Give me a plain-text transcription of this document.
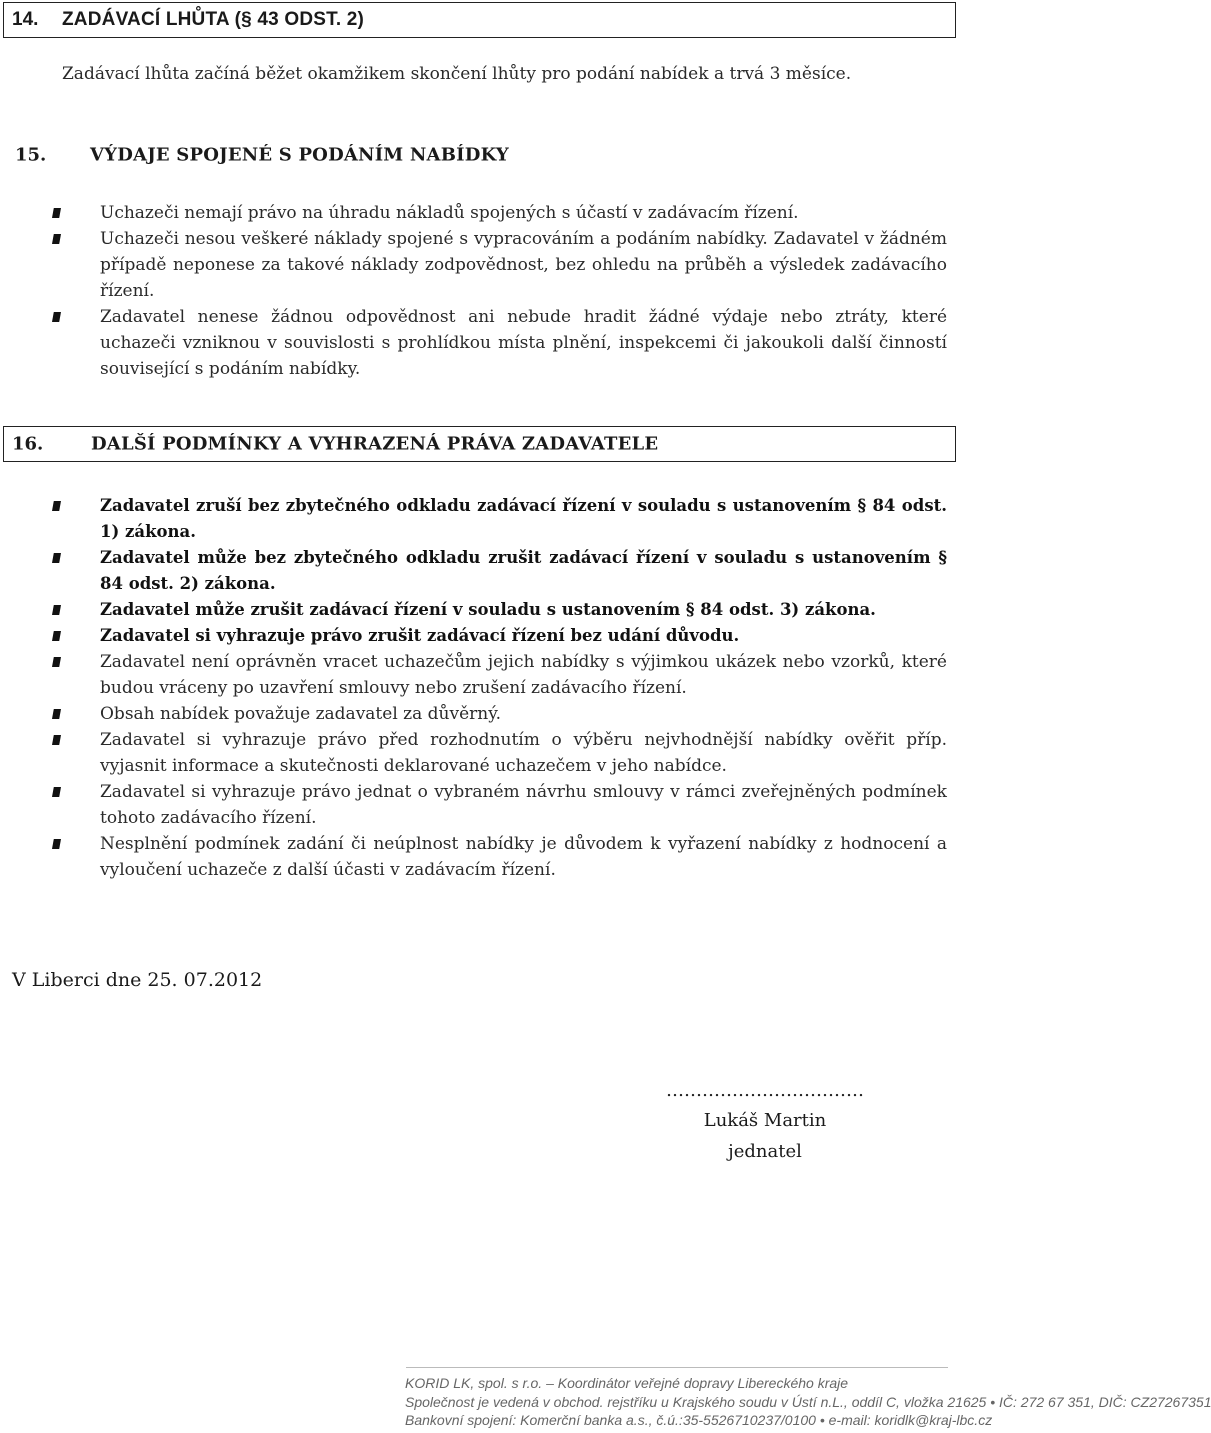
14. ZADÁVACÍ LHŮTA (§ 43 ODST. 2)
Zadávací lhůta začíná běžet okamžikem skončení lhůty pro podání nabídek a trvá 3 měsíce.
15. VÝDAJE SPOJENÉ S PODÁNÍM NABÍDKY
Uchazeči nemají právo na úhradu nákladů spojených s účastí v zadávacím řízení.
Uchazeči nesou veškeré náklady spojené s vypracováním a podáním nabídky. Zadavatel v žádném případě neponese za takové náklady zodpovědnost, bez ohledu na průběh a výsledek zadávacího řízení.
Zadavatel nenese žádnou odpovědnost ani nebude hradit žádné výdaje nebo ztráty, které uchazeči vzniknou v souvislosti s prohlídkou místa plnění, inspekcemi či jakoukoli další činností související s podáním nabídky.
16.	DALŠÍ PODMÍNKY A VYHRAZENÁ PRÁVA ZADAVATELE
Zadavatel zruší bez zbytečného odkladu zadávací řízení v souladu s ustanovením § 84 odst. 1) zákona.
Zadavatel může bez zbytečného odkladu zrušit zadávací řízení v souladu s ustanovením § 84 odst. 2) zákona.
Zadavatel může zrušit zadávací řízení v souladu s ustanovením § 84 odst. 3) zákona.
Zadavatel si vyhrazuje právo zrušit zadávací řízení bez udání důvodu.
Zadavatel není oprávněn vracet uchazečům jejich nabídky s výjimkou ukázek nebo vzorků, které budou vráceny po uzavření smlouvy nebo zrušení zadávacího řízení.
Obsah nabídek považuje zadavatel za důvěrný.
Zadavatel si vyhrazuje právo před rozhodnutím o výběru nejvhodnější nabídky ověřit příp. vyjasnit informace a skutečnosti deklarované uchazečem v jeho nabídce.
Zadavatel si vyhrazuje právo jednat o vybraném návrhu smlouvy v rámci zveřejněných podmínek tohoto zadávacího řízení.
Nesplnění podmínek zadání či neúplnost nabídky je důvodem k vyřazení nabídky z hodnocení a vyloučení uchazeče z další účasti v zadávacím řízení.
V Liberci dne 25. 07.2012
……………………………
Lukáš Martin
jednatel
KORID LK, spol. s r.o. – Koordinátor veřejné dopravy Libereckého kraje
Společnost je vedená v obchod. rejstříku u Krajského soudu v Ústí n.L., oddíl C, vložka 21625 • IČ: 272 67 351, DIČ: CZ27267351
Bankovní spojení: Komerční banka a.s., č.ú.:35-5526710237/0100 • e-mail: koridlk@kraj-lbc.cz
